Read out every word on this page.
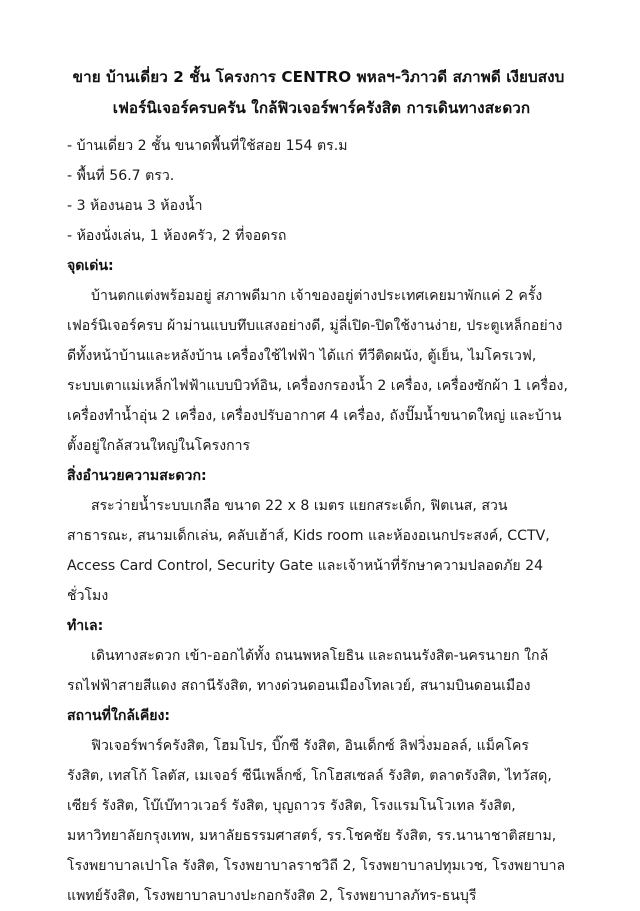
ขาย บ้านเดี่ยว 2 ชั้น โครงการ CENTRO พหลฯ-วิภาวดี สภาพดี เงียบสงบ
เฟอร์นิเจอร์ครบครัน ใกล้ฟิวเจอร์พาร์ครังสิต การเดินทางสะดวก
- บ้านเดี่ยว 2 ชั้น ขนาดพื้นที่ใช้สอย 154 ตร.ม
- พื้นที่ 56.7 ตรว.
- 3 ห้องนอน 3 ห้องน้ำ
- ห้องนั่งเล่น, 1 ห้องครัว, 2 ที่จอดรถ
จุดเด่น:

บ้านตกแต่งพร้อมอยู่ สภาพดีมาก เจ้าของอยู่ต่างประเทศเคยมาพักแค่ 2 ครั้ง เฟอร์นิเจอร์ครบ ผ้าม่านแบบทึบแสงอย่างดี, มู่ลี่เปิด-ปิดใช้งานง่าย, ประตูเหล็กอย่างดีทั้งหน้าบ้านและหลังบ้าน เครื่องใช้ไฟฟ้า ได้แก่ ทีวีติดผนัง, ตู้เย็น, ไมโครเวฟ, ระบบเตาแม่เหล็กไฟฟ้าแบบบิวท์อิน, เครื่องกรองน้ำ 2 เครื่อง, เครื่องซักผ้า 1 เครื่อง, เครื่องทำน้ำอุ่น 2 เครื่อง, เครื่องปรับอากาศ 4 เครื่อง, ถังปั๊มน้ำขนาดใหญ่ และบ้านตั้งอยู่ใกล้สวนใหญ่ในโครงการ

สิ่งอำนวยความสะดวก:

สระว่ายน้ำระบบเกลือ ขนาด 22 x 8 เมตร แยกสระเด็ก, ฟิตเนส, สวนสาธารณะ, สนามเด็กเล่น, คลับเฮ้าส์, Kids room และห้องอเนกประสงค์, CCTV, Access Card Control, Security Gate และเจ้าหน้าที่รักษาความปลอดภัย 24 ชั่วโมง

ทำเล:

เดินทางสะดวก เข้า-ออกได้ทั้ง ถนนพหลโยธิน และถนนรังสิต-นครนายก ใกล้รถไฟฟ้าสายสีแดง สถานีรังสิต, ทางด่วนดอนเมืองโทลเวย์, สนามบินดอนเมือง

สถานที่ใกล้เคียง:

ฟิวเจอร์พาร์ครังสิต, โฮมโปร, บิ๊กซี รังสิต, อินเด็กซ์ ลิฟวิ่งมอลล์, แม็คโคร รังสิต, เทสโก้ โลตัส, เมเจอร์ ซีนีเพล็กซ์, โกโฮสเซลล์ รังสิต, ตลาดรังสิต, ไทวัสดุ, เซียร์ รังสิต, โบ๊เบ๊ทาวเวอร์ รังสิต, บุญถาวร รังสิต, โรงแรมโนโวเทล รังสิต, มหาวิทยาลัยกรุงเทพ, มหาลัยธรรมศาสตร์, รร.โชคชัย รังสิต, รร.นานาชาติสยาม, โรงพยาบาลเปาโล รังสิต, โรงพยาบาลราชวิถี 2, โรงพยาบาลปทุมเวช, โรงพยาบาลแพทย์รังสิต, โรงพยาบาลบางปะกอกรังสิต 2, โรงพยาบาลภัทร-ธนบุรี
